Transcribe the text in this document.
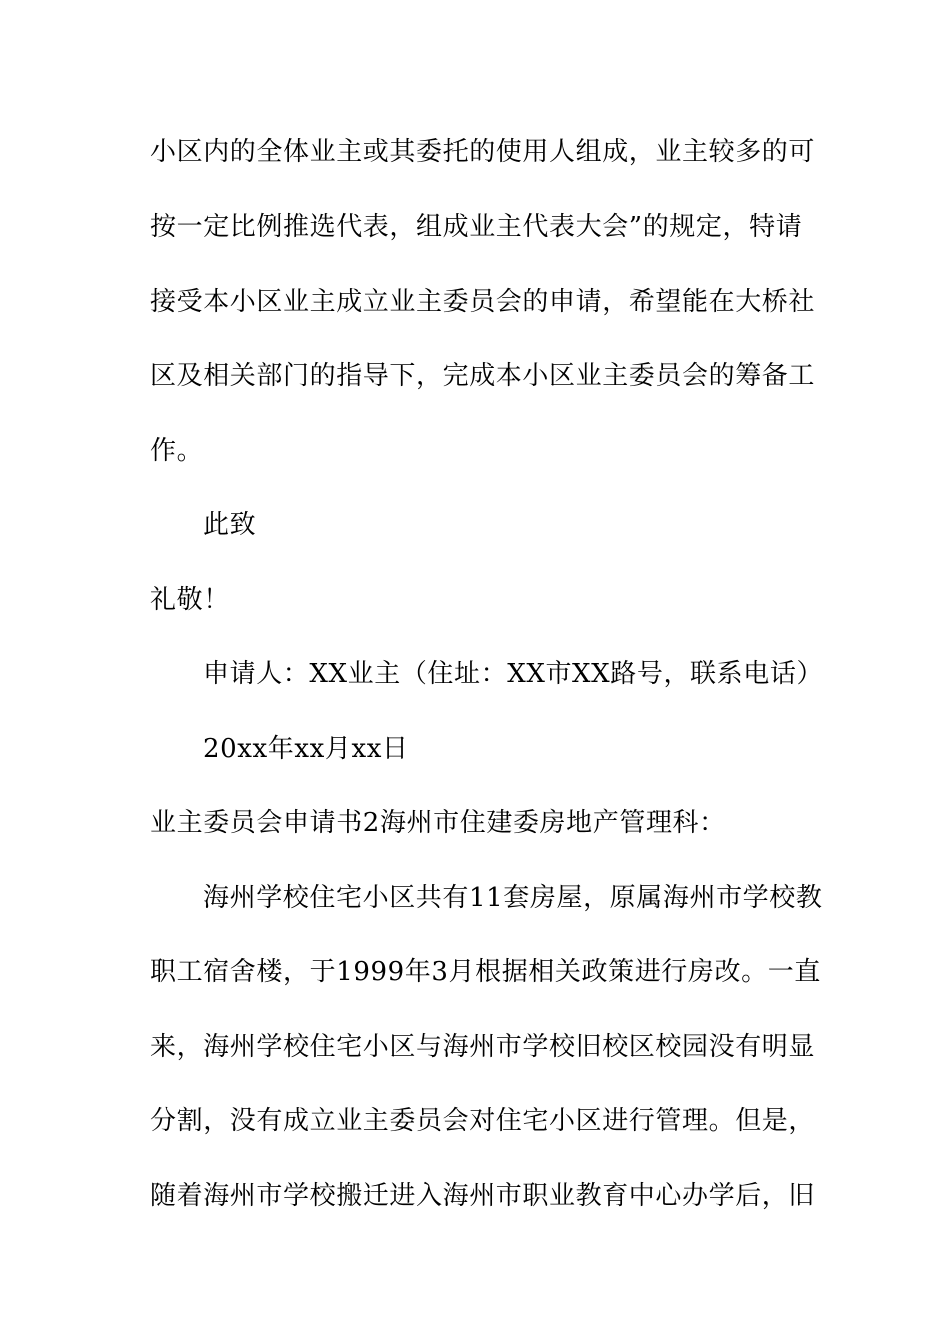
小区内的全体业主或其委托的使用人组成，业主较多的可
按一定比例推选代表，组成业主代表大会”的规定，特请
接受本小区业主成立业主委员会的申请，希望能在大桥社
区及相关部门的指导下，完成本小区业主委员会的筹备工
作。
此致
礼敬！
申请人：XX业主（住址：XX市XX路号，联系电话）
20xx年xx月xx日
业主委员会申请书2海州市住建委房地产管理科：
海州学校住宅小区共有11套房屋，原属海州市学校教
职工宿舍楼，于1999年3月根据相关政策进行房改。一直
来，海州学校住宅小区与海州市学校旧校区校园没有明显
分割，没有成立业主委员会对住宅小区进行管理。但是，
随着海州市学校搬迁进入海州市职业教育中心办学后，旧
